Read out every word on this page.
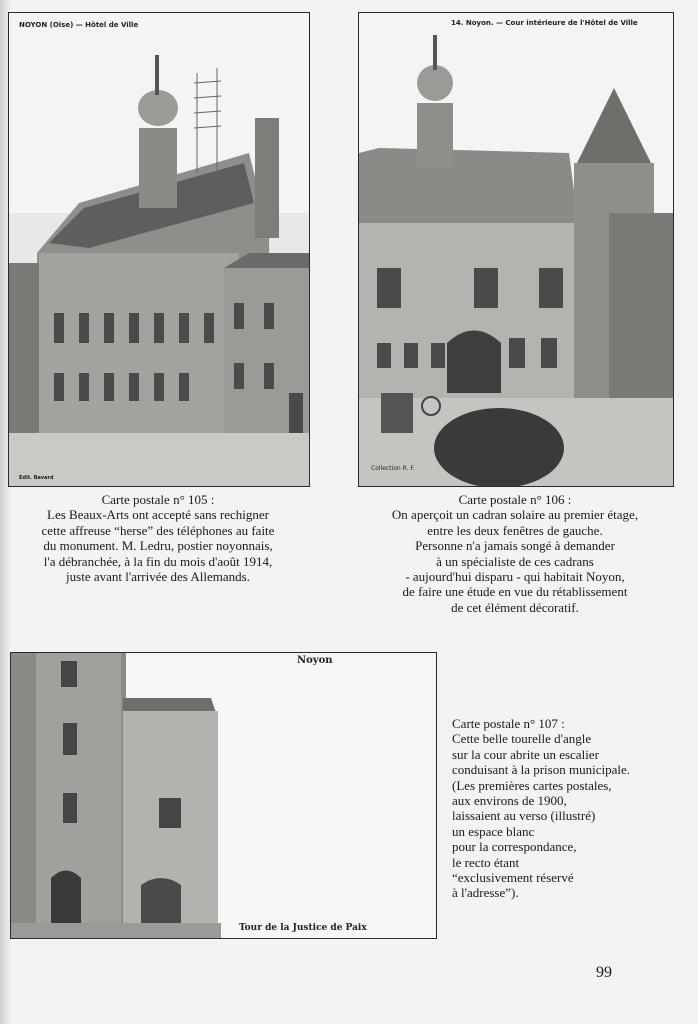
NOYON (Oise) — Hôtel de Ville
Edit. Bavard
14. Noyon. — Cour intérieure de l'Hôtel de Ville
Collection R. F.
Noyon
Tour de la Justice de Paix
Carte postale n° 105 :
Les Beaux-Arts ont accepté sans rechigner
cette affreuse “herse” des téléphones au faite
du monument. M. Ledru, postier noyonnais,
l'a débranchée, à la fin du mois d'août 1914,
juste avant l'arrivée des Allemands.
Carte postale n° 106 :
On aperçoit un cadran solaire au premier étage,
entre les deux fenêtres de gauche.
Personne n'a jamais songé à demander
à un spécialiste de ces cadrans
- aujourd'hui disparu - qui habitait Noyon,
de faire une étude en vue du rétablissement
de cet élément décoratif.
Carte postale n° 107 :
Cette belle tourelle d'angle
sur la cour abrite un escalier
conduisant à la prison municipale.
(Les premières cartes postales,
aux environs de 1900,
laissaient au verso (illustré)
un espace blanc
pour la correspondance,
le recto étant
“exclusivement réservé
à l'adresse”).
99
